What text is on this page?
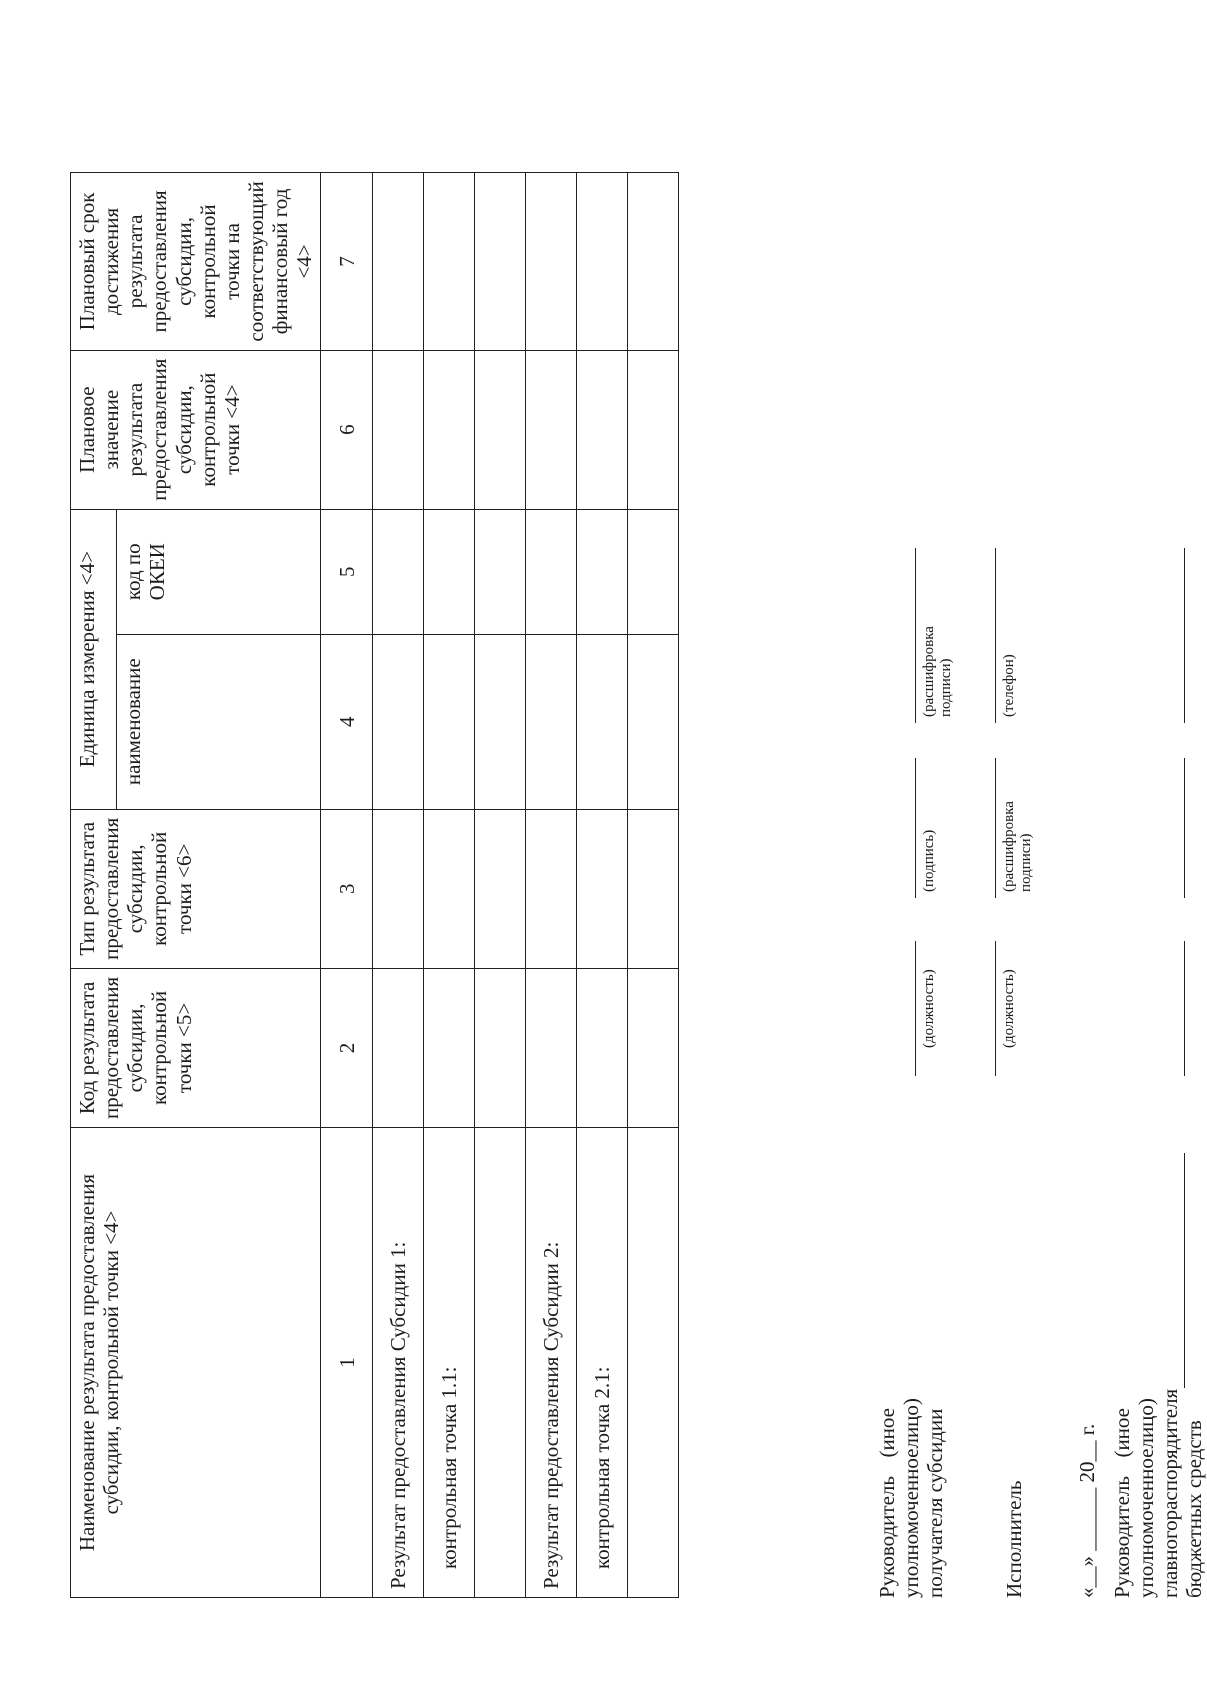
Наименование результата предоставления субсидии, контрольной точки <4>	Код результата предоставления субсидии, контрольной точки <5>	Тип результата предоставления субсидии, контрольной точки <6>	Единица измерения <4>		Плановое значение результата предоставления субсидии, контрольной точки <4>	Плановый срок достижения результата предоставления субсидии, контрольной точки на соответствующий финансовый год <4>
			наименование	код по ОКЕИ		
1	2	3	4	5	6	7
Результат предоставления Субсидии 1:						
контрольная точка 1.1:						

Результат предоставления Субсидии 2:						
контрольная точка 2.1:						
							Руководитель
(иное
уполномоченное
лицо) получателя субсидии
(должность)
(подпись)
(расшифровка подписи)
Исполнитель
(должность)
(расшифровка подписи)
(телефон)
«__» ______ 20__ г. Руководитель
(иное
уполномоченное
лицо)
главного
распорядителя бюджетных средств
